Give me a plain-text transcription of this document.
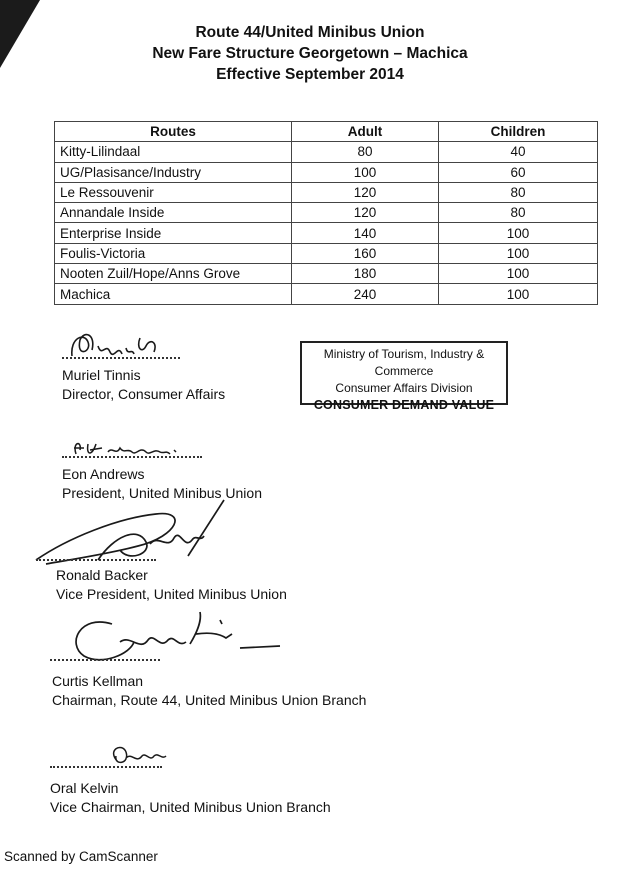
Route 44/United Minibus Union
New Fare Structure Georgetown – Machica
Effective September 2014
Routes	Adult	Children
Kitty-Lilindaal	80	40
UG/Plasisance/Industry	100	60
Le Ressouvenir	120	80
Annandale Inside	120	80
Enterprise Inside	140	100
Foulis-Victoria	160	100
Nooten Zuil/Hope/Anns Grove	180	100
Machica	240	100
Muriel Tinnis
Director, Consumer Affairs
Ministry of Tourism, Industry & Commerce
Consumer Affairs Division
CONSUMER DEMAND VALUE
Eon Andrews
President, United Minibus Union
Ronald Backer
Vice President, United Minibus Union
Curtis Kellman
Chairman, Route 44, United Minibus Union Branch
Oral Kelvin
Vice Chairman, United Minibus Union Branch
Scanned by CamScanner
